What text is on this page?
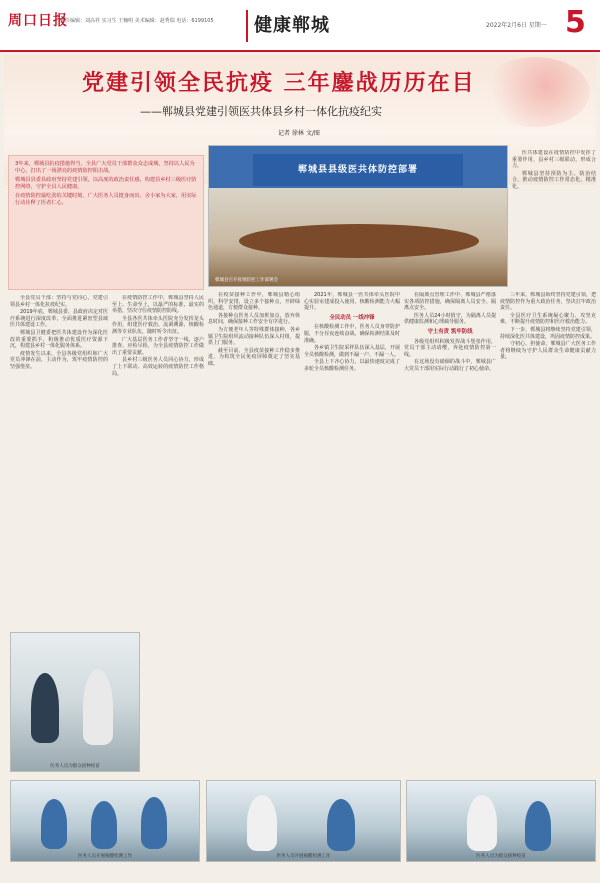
周口日报
责任编辑：刘高祥 实习生 王楠明 美术编辑：赵秀瑞 电话：6199105 健康郸城	2022年2月6日 星期一 5
党建引领全民抗疫 三年鏖战历历在目
——郸城县党建引领医共体县乡村一体化抗疫纪实
记者 徐林 文/图

3年来，郸城县抗疫措施得当，全县广大党员干部群众众志成城，坚持以人民为中心，打出了一场漂亮的疫情防控阻击战。

郸城县县委县政府坚持党建引领，以高度的政治责任感，构建县乡村三级医疗防控网络，守护全县人民健康。

在疫情防控最吃劲的关键时刻，广大医务人员挺身而出，舍小家为大家，用实际行动诠释了医者仁心。

郸城县县级医共体防控部署
郸城县召开疫情防控工作部署会

医共体建设在疫情防控中发挥了重要作用，县乡村三级联动，形成合力。

郸城县坚持预防为主、防治结合，推动疫情防控工作常态化、精准化。

全县党员干部：坚持与党同心，党建引领县乡村一体化抗疫纪实。

2019年底，郸城县委、县政府决定对医疗系统进行深度改革，全面推进紧密型县域医共体建设工作。

郸城县卫健委把医共体建设作为深化医改的重要抓手，积极推动优质医疗资源下沉，构建县乡村一体化服务体系。

疫情发生以来，全县各级党组织和广大党员冲锋在前，主动作为，筑牢疫情防控的坚强堡垒。

在疫情防控工作中，郸城县坚持人民至上、生命至上，以最严的标准、最实的举措，坚决守住疫情防控防线。

全县各医共体牵头医院充分发挥龙头作用，组建医疗救治、流调溯源、核酸检测等专业队伍，随时听令出征。

广大基层医务工作者坚守一线，逐户排查、应检尽检，为全县疫情防控工作做出了重要贡献。

县乡村三级医务人员同心协力，形成了上下联动、高效运转的疫情防控工作格局。

在疫苗接种工作中，郸城县精心组织，科学安排，设立多个接种点，开辟绿色通道，方便群众接种。

各接种点医务人员加班加点，放弃休息时间，确保接种工作安全有序进行。

为方便老年人等特殊群体接种，各乡镇卫生院组织流动接种队伍深入村组，提供上门服务。

截至目前，全县疫苗接种工作稳步推进，为构筑全民免疫屏障奠定了坚实基础。

2021年，郸城县一医共体牵头医院中心实验室建成投入使用，核酸检测能力大幅提升。

全民动员 一线冲锋

在核酸检测工作中，医务人员身穿防护服，不分昼夜连续奋战，确保检测结果及时准确。

各乡镇卫生院采样队伍深入基层，开展全员核酸检测，做到不漏一户、不漏一人。

全县上下齐心协力，以最快速度完成了多轮全员核酸检测任务。

在隔离点管理工作中，郸城县严格落实各项防控措施，确保隔离人员安全、隔离点安全。

医务人员24小时值守，为隔离人员提供健康监测和心理疏导服务。

守土有责 筑牢防线

各级党组织积极发挥战斗堡垒作用，党员干部主动请缨，奔赴疫情防控第一线。

在这场没有硝烟的战斗中，郸城县广大党员干部用实际行动践行了初心使命。

三年来，郸城县始终坚持党建引领，把疫情防控作为重大政治任务，坚决扛牢政治责任。

全县医疗卫生系统凝心聚力、攻坚克难，不断提升疫情防控和医疗救治能力。

下一步，郸城县将继续坚持党建引领，持续深化医共体建设，巩固疫情防控成果。

守初心、担使命，郸城县广大医务工作者将继续为守护人民群众生命健康贡献力量。

医务人员为群众接种疫苗
医务人员开展核酸检测工作	医务人员开展核酸检测工作	医务人员为群众接种疫苗
